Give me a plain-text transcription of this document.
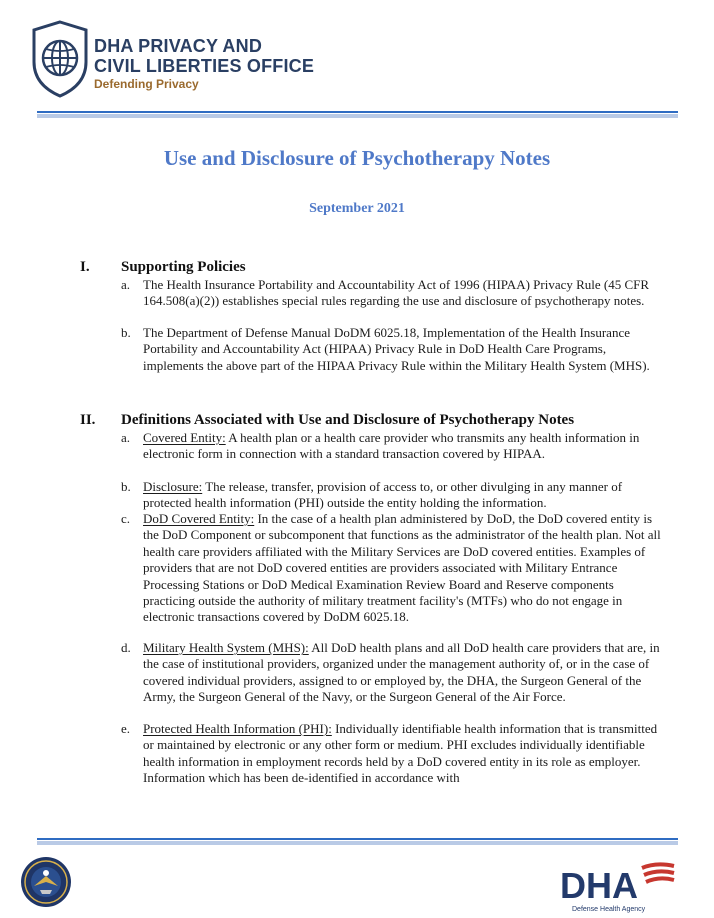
DHA PRIVACY AND
CIVIL LIBERTIES OFFICE
Defending Privacy
Use and Disclosure of Psychotherapy Notes
September 2021
I. Supporting Policies
a. The Health Insurance Portability and Accountability Act of 1996 (HIPAA) Privacy Rule (45 CFR 164.508(a)(2)) establishes special rules regarding the use and disclosure of psychotherapy notes.
b. The Department of Defense Manual DoDM 6025.18, Implementation of the Health Insurance Portability and Accountability Act (HIPAA) Privacy Rule in DoD Health Care Programs, implements the above part of the HIPAA Privacy Rule within the Military Health System (MHS).
II. Definitions Associated with Use and Disclosure of Psychotherapy Notes
a. Covered Entity: A health plan or a health care provider who transmits any health information in electronic form in connection with a standard transaction covered by HIPAA.
b. Disclosure: The release, transfer, provision of access to, or other divulging in any manner of protected health information (PHI) outside the entity holding the information.
c. DoD Covered Entity: In the case of a health plan administered by DoD, the DoD covered entity is the DoD Component or subcomponent that functions as the administrator of the health plan. Not all health care providers affiliated with the Military Services are DoD covered entities. Examples of providers that are not DoD covered entities are providers associated with Military Entrance Processing Stations or DoD Medical Examination Review Board and Reserve components practicing outside the authority of military treatment facility's (MTFs) who do not engage in electronic transactions covered by DoDM 6025.18.
d. Military Health System (MHS): All DoD health plans and all DoD health care providers that are, in the case of institutional providers, organized under the management authority of, or in the case of covered individual providers, assigned to or employed by, the DHA, the Surgeon General of the Army, the Surgeon General of the Navy, or the Surgeon General of the Air Force.
e. Protected Health Information (PHI): Individually identifiable health information that is transmitted or maintained by electronic or any other form or medium. PHI excludes individually identifiable health information in employment records held by a DoD covered entity in its role as employer. Information which has been de-identified in accordance with
DHA
Defense Health Agency
